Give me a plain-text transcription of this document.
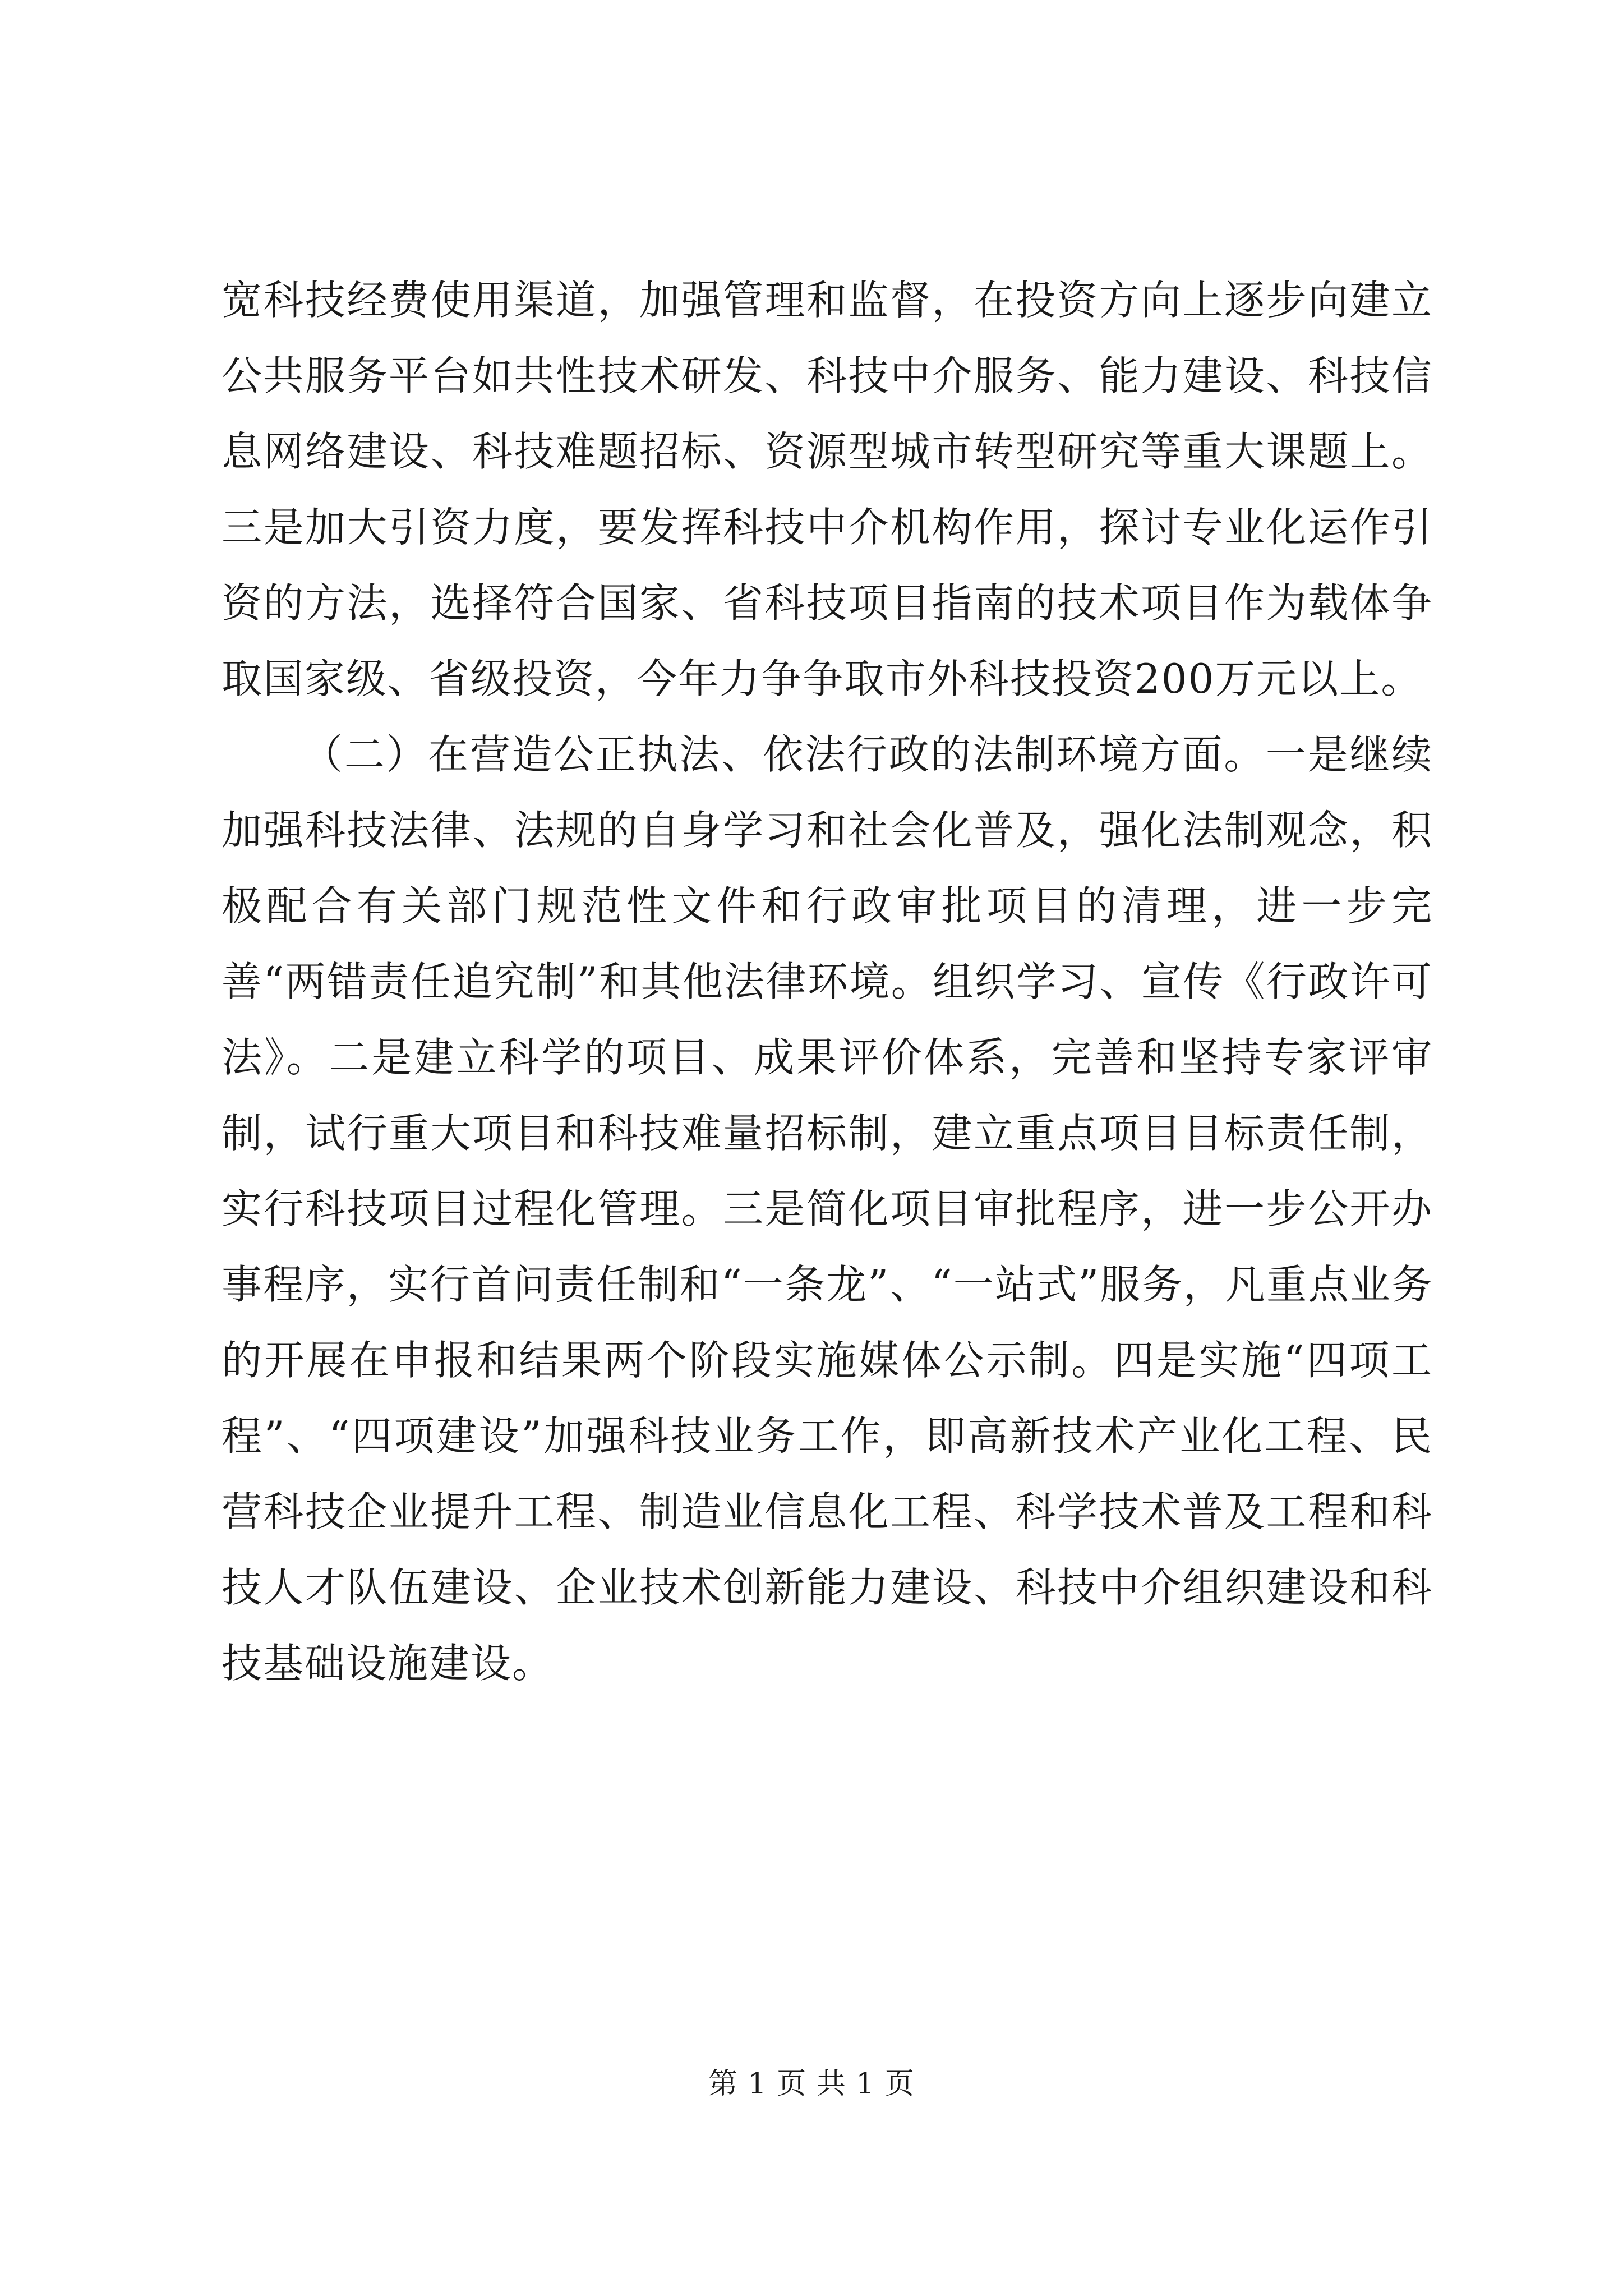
宽科技经费使用渠道，加强管理和监督，在投资方向上逐步向建立公共服务平台如共性技术研发、科技中介服务、能力建设、科技信息网络建设、科技难题招标、资源型城市转型研究等重大课题上。三是加大引资力度，要发挥科技中介机构作用，探讨专业化运作引资的方法，选择符合国家、省科技项目指南的技术项目作为载体争取国家级、省级投资，今年力争争取市外科技投资200万元以上。

（二）在营造公正执法、依法行政的法制环境方面。一是继续加强科技法律、法规的自身学习和社会化普及，强化法制观念，积极配合有关部门规范性文件和行政审批项目的清理，进一步完善“两错责任追究制”和其他法律环境。组织学习、宣传《行政许可法》。二是建立科学的项目、成果评价体系，完善和坚持专家评审制，试行重大项目和科技难量招标制，建立重点项目目标责任制，实行科技项目过程化管理。三是简化项目审批程序，进一步公开办事程序，实行首问责任制和“一条龙”、“一站式”服务，凡重点业务的开展在申报和结果两个阶段实施媒体公示制。四是实施“四项工程”、“四项建设”加强科技业务工作，即高新技术产业化工程、民营科技企业提升工程、制造业信息化工程、科学技术普及工程和科技人才队伍建设、企业技术创新能力建设、科技中介组织建设和科技基础设施建设。

第 1 页 共 1 页
